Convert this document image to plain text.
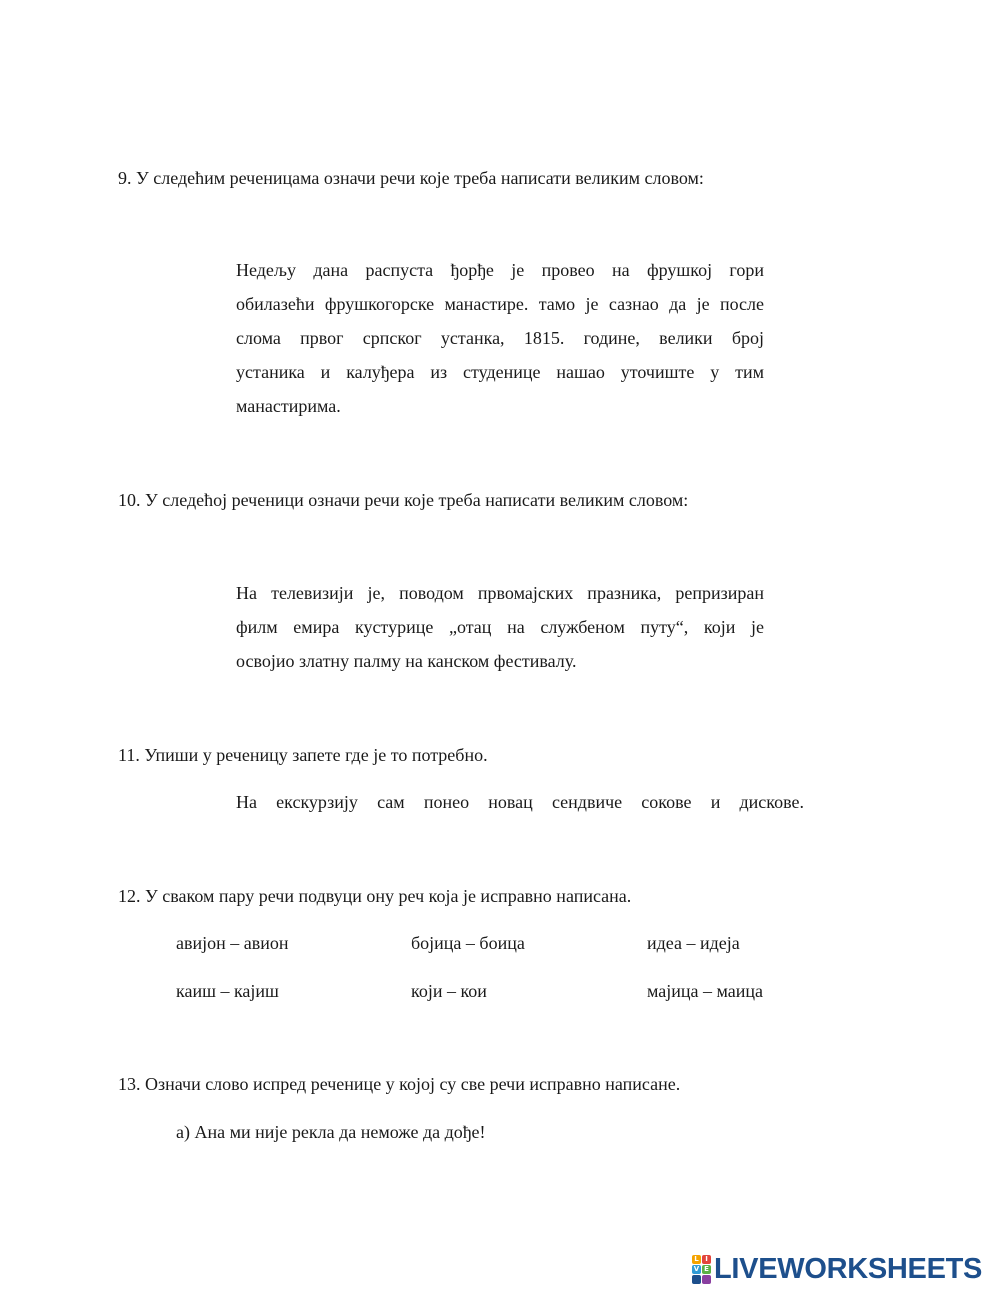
9. У следећим реченицама означи речи које треба написати великим словом:
Недељу дана распуста ђорђе је провео на фрушкој гори
обилазећи фрушкогорске манастире. тамо је сазнао да је после
слома првог српског устанка, 1815. године, велики број
устаника и калуђера из студенице нашао уточиште у тим
манастирима.
10. У следећој реченици означи речи које треба написати великим словом:
На телевизији је, поводом првомајских празника, репризиран
филм емира кустурице „отац на службеном путу“, који је
освојио златну палму на канском фестивалу.
11. Упиши у реченицу запете где је то потребно.
На екскурзију сам понео новац сендвиче сокове и дискове.
12. У сваком пару речи подвуци ону реч која је исправно написана.
авијон – авион	бојица – боица	идеа – идеја
каиш – кајиш	који – кои	мајица – маица
13. Означи слово испред реченице у којој су све речи исправно написане.
а) Ана ми није рекла да неможе да дође!
L I
V E LIVEWORKSHEETS
